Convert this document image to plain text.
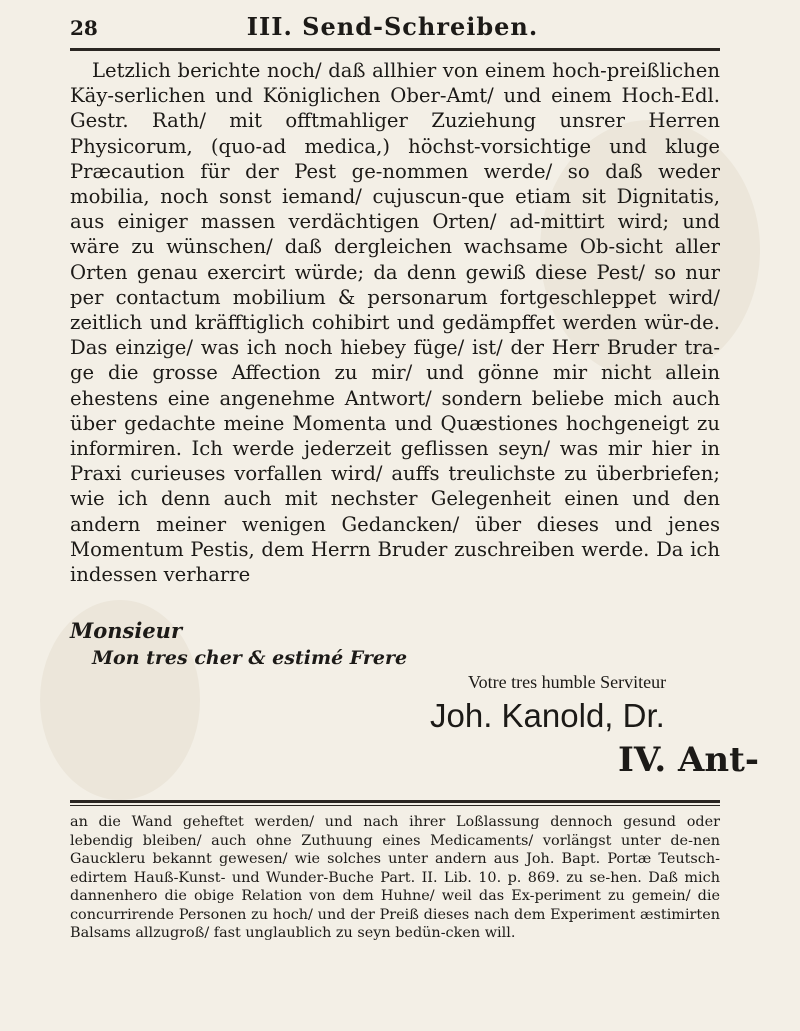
28	III. Send-Schreiben.

Letzlich berichte noch/ daß allhier von einem hoch-preißlichen Käy-serlichen und Königlichen Ober-Amt/ und einem Hoch-Edl. Gestr. Rath/ mit offtmahliger Zuziehung unsrer Herren Physicorum, (quo-ad medica,) höchst-vorsichtige und kluge Præcaution für der Pest ge-nommen werde/ so daß weder mobilia, noch sonst iemand/ cujuscun-que etiam sit Dignitatis, aus einiger massen verdächtigen Orten/ ad-mittirt wird; und wäre zu wünschen/ daß dergleichen wachsame Ob-sicht aller Orten genau exercirt würde; da denn gewiß diese Pest/ so nur per contactum mobilium & personarum fortgeschleppet wird/ zeitlich und kräfftiglich cohibirt und gedämpffet werden wür-de. Das einzige/ was ich noch hiebey füge/ ist/ der Herr Bruder tra-ge die grosse Affection zu mir/ und gönne mir nicht allein ehestens eine angenehme Antwort/ sondern beliebe mich auch über gedachte meine Momenta und Quæstiones hochgeneigt zu informiren. Ich werde jederzeit geflissen seyn/ was mir hier in Praxi curieuses vorfallen wird/ auffs treulichste zu überbriefen; wie ich denn auch mit nechster Gelegenheit einen und den andern meiner wenigen Gedancken/ über dieses und jenes Momentum Pestis, dem Herrn Bruder zuschreiben werde. Da ich indessen verharre

Monsieur
Mon tres cher & estimé Frere
Votre tres humble Serviteur
Joh. Kanold, Dr.
IV. Ant-

an die Wand geheftet werden/ und nach ihrer Loßlassung dennoch gesund oder lebendig bleiben/ auch ohne Zuthuung eines Medicaments/ vorlängst unter de-nen Gauckleru bekannt gewesen/ wie solches unter andern aus Joh. Bapt. Portæ Teutsch-edirtem Hauß-Kunst- und Wunder-Buche Part. II. Lib. 10. p. 869. zu se-hen. Daß mich dannenhero die obige Relation von dem Huhne/ weil das Ex-periment zu gemein/ die concurrirende Personen zu hoch/ und der Preiß dieses nach dem Experiment æstimirten Balsams allzugroß/ fast unglaublich zu seyn bedün-cken will.
